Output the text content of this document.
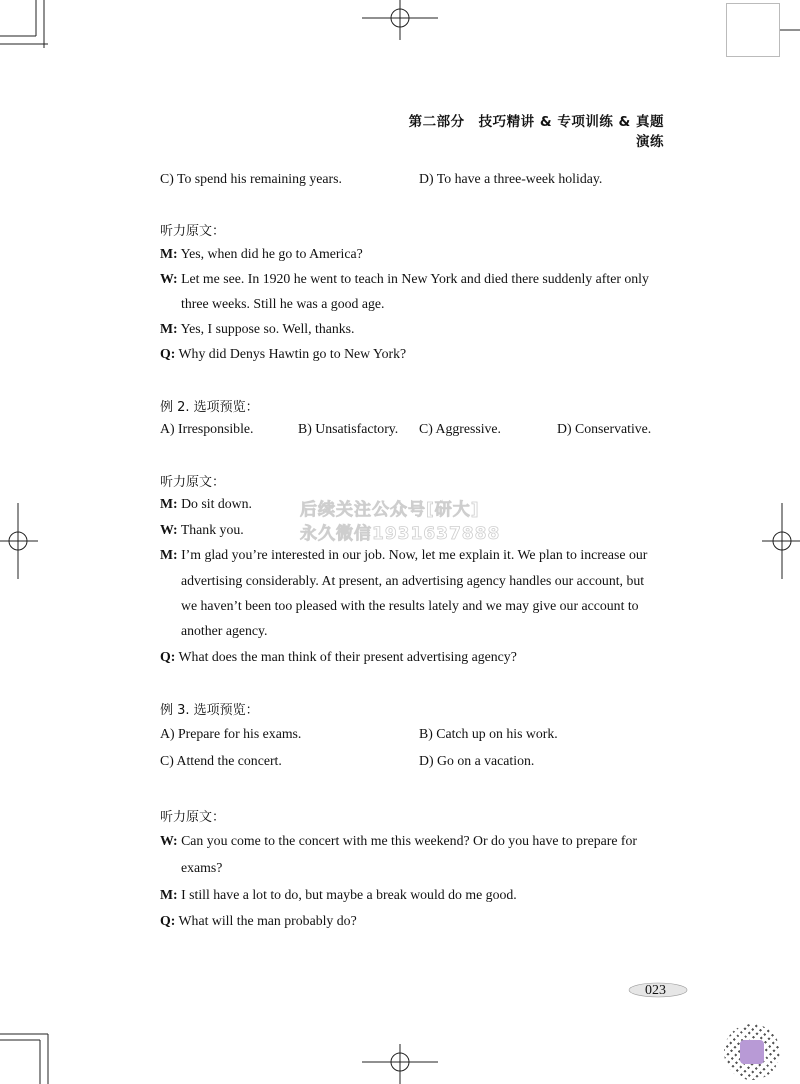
第二部分　技巧精讲 & 专项训练 & 真题演练
C) To spend his remaining years.	D) To have a three-week holiday.
听力原文：
M: Yes, when did he go to America?
W: Let me see. In 1920 he went to teach in New York and died there suddenly after only
three weeks. Still he was a good age.
M: Yes, I suppose so. Well, thanks.
Q: Why did Denys Hawtin go to New York?
例 2. 选项预览：
A) Irresponsible.	B) Unsatisfactory. C) Aggressive.	D) Conservative.
听力原文：
M: Do sit down.
W: Thank you.
M: I’m glad you’re interested in our job. Now, let me explain it. We plan to increase our
advertising considerably. At present, an advertising agency handles our account, but
we haven’t been too pleased with the results lately and we may give our account to
another agency.
Q: What does the man think of their present advertising agency?
例 3. 选项预览：
A) Prepare for his exams.	B) Catch up on his work.
C) Attend the concert.	D) Go on a vacation.
听力原文：
W: Can you come to the concert with me this weekend? Or do you have to prepare for
exams?
M: I still have a lot to do, but maybe a break would do me good.
Q: What will the man probably do?
后续关注公众号[研大]
永久微信1931637888
023
